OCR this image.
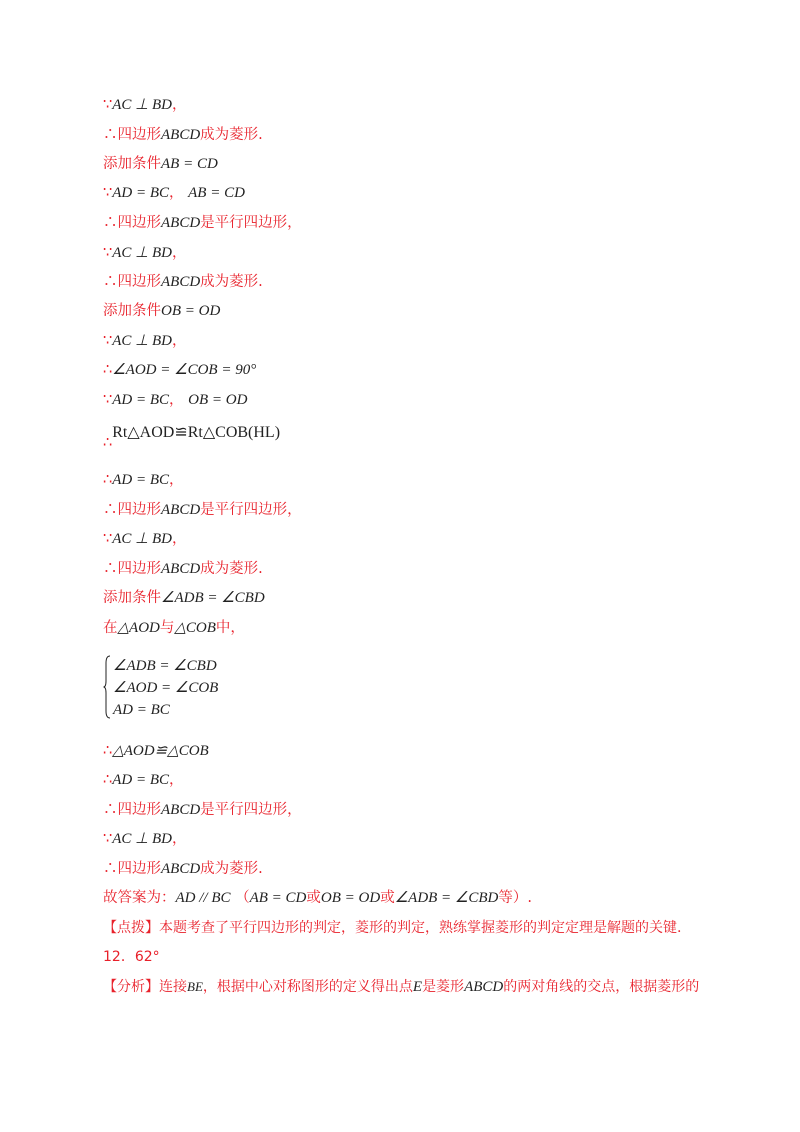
∵AC ⊥ BD，
∴四边形ABCD成为菱形.
添加条件AB = CD
∵AD = BC， AB = CD
∴四边形ABCD是平行四边形，
∵AC ⊥ BD，
∴四边形ABCD成为菱形.
添加条件OB = OD
∵AC ⊥ BD，
∴∠AOD = ∠COB = 90°
∵AD = BC， OB = OD
∴Rt△AOD≌Rt△COB(HL)
∴AD = BC，
∴四边形ABCD是平行四边形，
∵AC ⊥ BD，
∴四边形ABCD成为菱形.
添加条件∠ADB = ∠CBD
在△AOD与△COB中，
∠ADB = ∠CBD
∠AOD = ∠COB
AD = BC
∴△AOD≌△COB
∴AD = BC，
∴四边形ABCD是平行四边形，
∵AC ⊥ BD，
∴四边形ABCD成为菱形.
故答案为：AD // BC （AB = CD或OB = OD或∠ADB = ∠CBD等）.
【点拨】本题考查了平行四边形的判定，菱形的判定，熟练掌握菱形的判定定理是解题的关键.
12．62°
【分析】连接BE，根据中心对称图形的定义得出点E是菱形ABCD的两对角线的交点，根据菱形的
